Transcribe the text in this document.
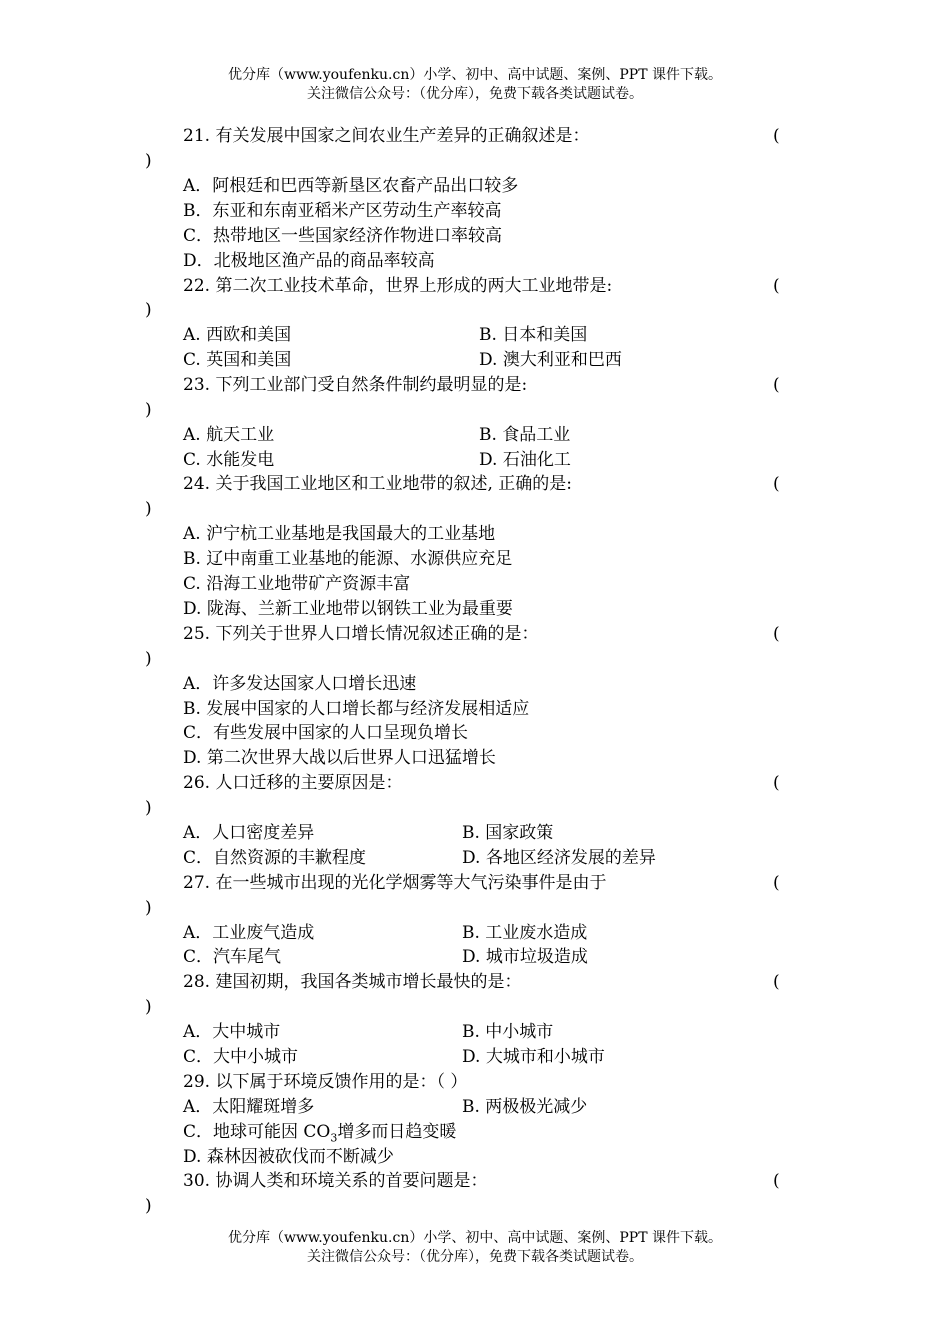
优分库（www.youfenku.cn）小学、初中、高中试题、案例、PPT 课件下载。
关注微信公众号：（优分库），免费下载各类试题试卷。
21. 有关发展中国家之间农业生产差异的正确叙述是：	(
)
A．阿根廷和巴西等新垦区农畜产品出口较多
B．东亚和东南亚稻米产区劳动生产率较高
C．热带地区一些国家经济作物进口率较高
D．北极地区渔产品的商品率较高
22. 第二次工业技术革命，世界上形成的两大工业地带是:	(
)
A. 西欧和美国	B. 日本和美国
C. 英国和美国	D. 澳大利亚和巴西
23. 下列工业部门受自然条件制约最明显的是:	(
)
A. 航天工业	B. 食品工业
C. 水能发电	D. 石油化工
24. 关于我国工业地区和工业地带的叙述, 正确的是:	(
)
A. 沪宁杭工业基地是我国最大的工业基地
B. 辽中南重工业基地的能源、水源供应充足
C. 沿海工业地带矿产资源丰富
D. 陇海、兰新工业地带以钢铁工业为最重要
25. 下列关于世界人口增长情况叙述正确的是：	(
)
A．许多发达国家人口增长迅速
B. 发展中国家的人口增长都与经济发展相适应
C．有些发展中国家的人口呈现负增长
D. 第二次世界大战以后世界人口迅猛增长
26. 人口迁移的主要原因是：	(
)
A．人口密度差异	B. 国家政策
C．自然资源的丰歉程度	D. 各地区经济发展的差异
27. 在一些城市出现的光化学烟雾等大气污染事件是由于	(
)
A．工业废气造成	B. 工业废水造成
C．汽车尾气	D. 城市垃圾造成
28. 建国初期，我国各类城市增长最快的是：	(
)
A．大中城市	B. 中小城市
C．大中小城市	D. 大城市和小城市
29. 以下属于环境反馈作用的是：（ ）
A．太阳耀斑增多	B. 两极极光减少
C．地球可能因 $CO_3$增多而日趋变暖
D. 森林因被砍伐而不断减少
30. 协调人类和环境关系的首要问题是：	(
)
优分库（www.youfenku.cn）小学、初中、高中试题、案例、PPT 课件下载。
关注微信公众号：（优分库），免费下载各类试题试卷。
